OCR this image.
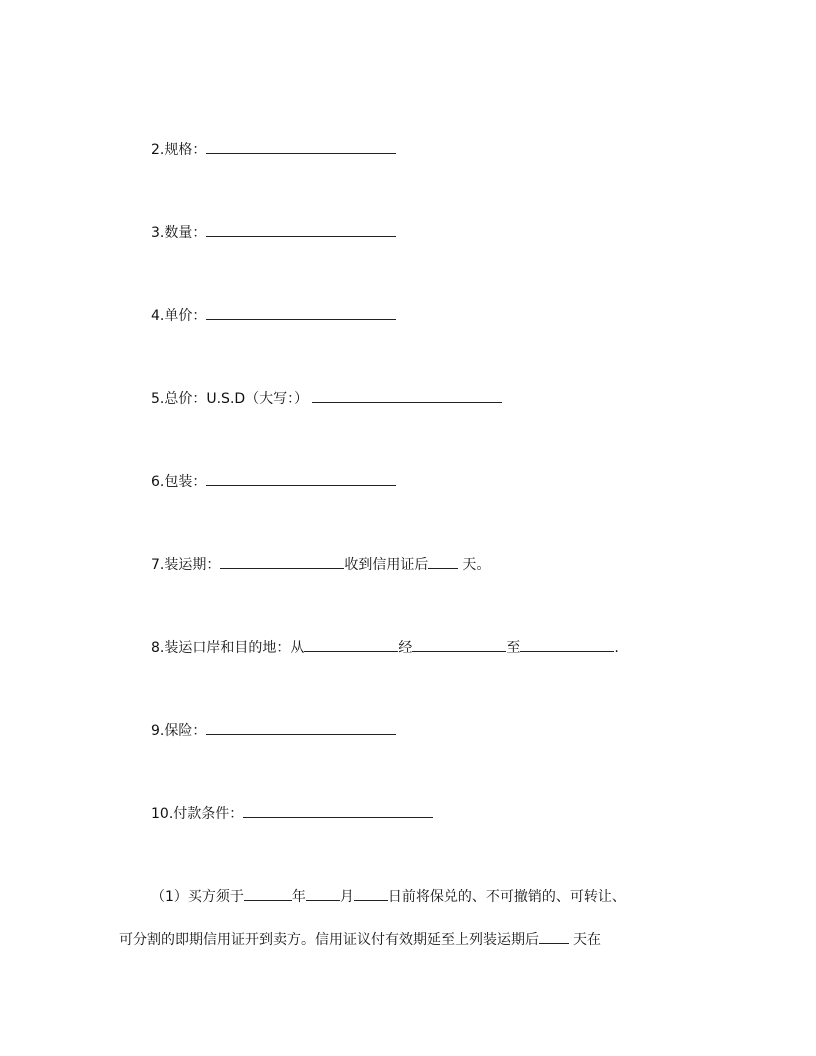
2.规格：
3.数量：
4.单价：
5.总价：U.S.D（大写：）
6.包装：
7.装运期：	收到信用证后 天。
8.装运口岸和目的地：从	经	至	.
9.保险：
10.付款条件：
（1）买方须于	年 月 日前将保兑的、不可撤销的、可转让、
可分割的即期信用证开到卖方。信用证议付有效期延至上列装运期后 天在
